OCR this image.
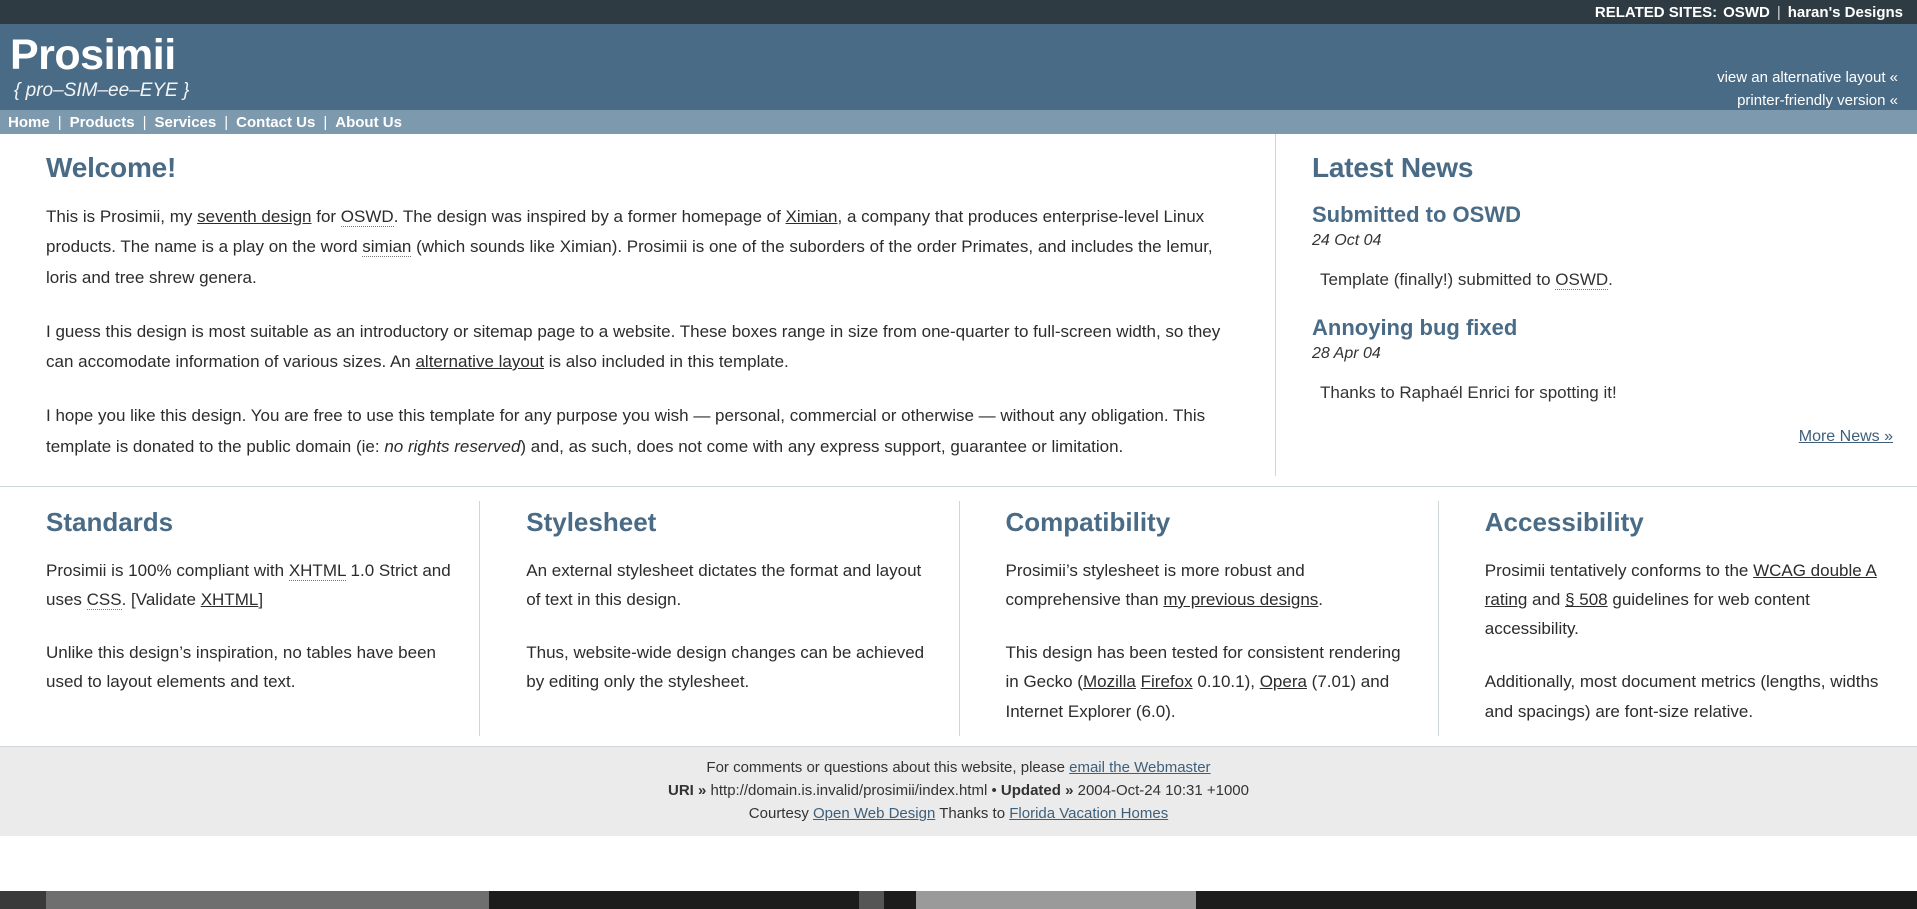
RELATED SITES: OSWD | haran's Designs
Prosimii
{ pro–SIM–ee–EYE }
view an alternative layout «
printer-friendly version «
Home | Products | Services | Contact Us | About Us
Welcome!

This is Prosimii, my seventh design for OSWD. The design was inspired by a former homepage of Ximian, a company that produces enterprise-level Linux products. The name is a play on the word simian (which sounds like Ximian). Prosimii is one of the suborders of the order Primates, and includes the lemur, loris and tree shrew genera.

I guess this design is most suitable as an introductory or sitemap page to a website. These boxes range in size from one-quarter to full-screen width, so they can accomodate information of various sizes. An alternative layout is also included in this template.

I hope you like this design. You are free to use this template for any purpose you wish — personal, commercial or otherwise — without any obligation. This template is donated to the public domain (ie: no rights reserved) and, as such, does not come with any express support, guarantee or limitation.

Latest News
Submitted to OSWD
24 Oct 04
Template (finally!) submitted to OSWD.
Annoying bug fixed
28 Apr 04
Thanks to Raphaél Enrici for spotting it!
More News »
Standards

Prosimii is 100% compliant with XHTML 1.0 Strict and uses CSS. [Validate XHTML]

Unlike this design’s inspiration, no tables have been used to layout elements and text.

Stylesheet

An external stylesheet dictates the format and layout of text in this design.

Thus, website-wide design changes can be achieved by editing only the stylesheet.

Compatibility

Prosimii’s stylesheet is more robust and comprehensive than my previous designs.

This design has been tested for consistent rendering in Gecko (Mozilla Firefox 0.10.1), Opera (7.01) and Internet Explorer (6.0).

Accessibility

Prosimii tentatively conforms to the WCAG double A rating and § 508 guidelines for web content accessibility.

Additionally, most document metrics (lengths, widths and spacings) are font-size relative.

For comments or questions about this website, please email the Webmaster
URI » http://domain.is.invalid/prosimii/index.html • Updated » 2004-Oct-24 10:31 +1000
Courtesy Open Web Design Thanks to Florida Vacation Homes
